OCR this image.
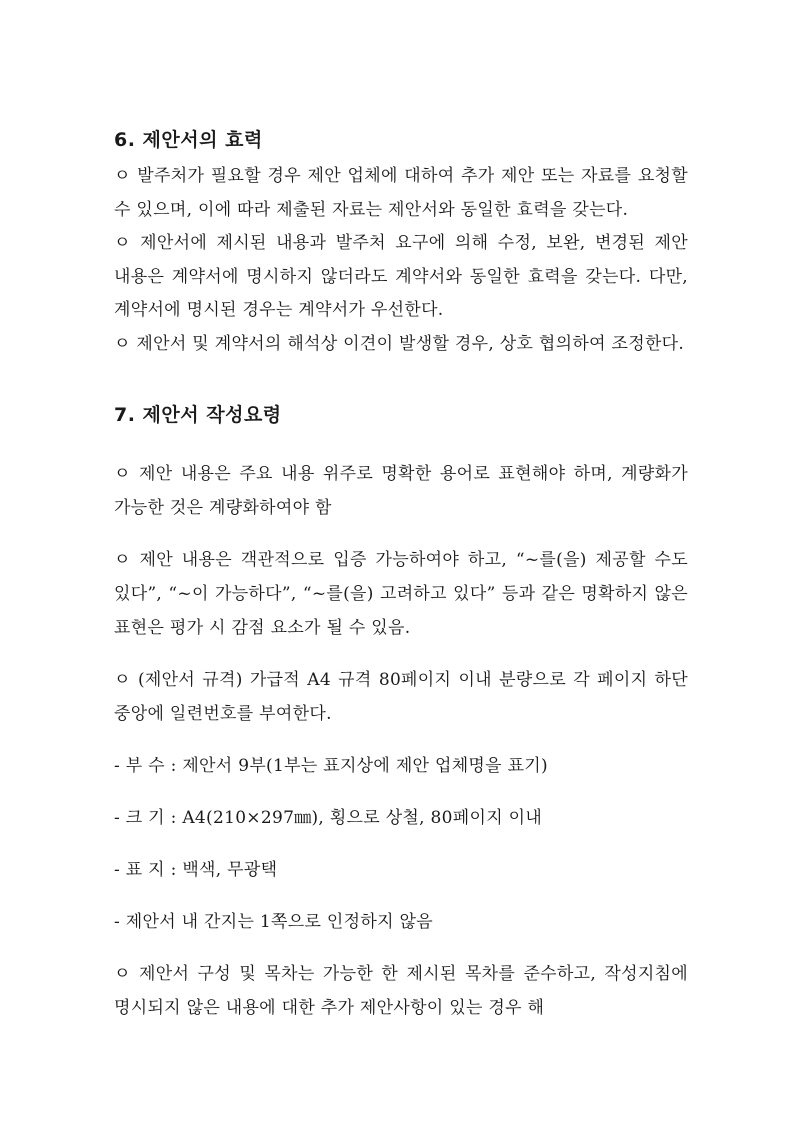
6. 제안서의 효력

ㅇ 발주처가 필요할 경우 제안 업체에 대하여 추가 제안 또는 자료를 요청할 수 있으며, 이에 따라 제출된 자료는 제안서와 동일한 효력을 갖는다.

ㅇ 제안서에 제시된 내용과 발주처 요구에 의해 수정, 보완, 변경된 제안 내용은 계약서에 명시하지 않더라도 계약서와 동일한 효력을 갖는다. 다만, 계약서에 명시된 경우는 계약서가 우선한다.

ㅇ 제안서 및 계약서의 해석상 이견이 발생할 경우, 상호 협의하여 조정한다.

7. 제안서 작성요령

ㅇ 제안 내용은 주요 내용 위주로 명확한 용어로 표현해야 하며, 계량화가 가능한 것은 계량화하여야 함

ㅇ 제안 내용은 객관적으로 입증 가능하여야 하고, “~를(을) 제공할 수도 있다”, “~이 가능하다”, “~를(을) 고려하고 있다” 등과 같은 명확하지 않은 표현은 평가 시 감점 요소가 될 수 있음.

ㅇ (제안서 규격) 가급적 A4 규격 80페이지 이내 분량으로 각 페이지 하단 중앙에 일련번호를 부여한다.

- 부 수 : 제안서 9부(1부는 표지상에 제안 업체명을 표기)

- 크 기 : A4(210×297㎜), 횡으로 상철, 80페이지 이내

- 표 지 : 백색, 무광택

- 제안서 내 간지는 1쪽으로 인정하지 않음

ㅇ 제안서 구성 및 목차는 가능한 한 제시된 목차를 준수하고, 작성지침에 명시되지 않은 내용에 대한 추가 제안사항이 있는 경우 해
